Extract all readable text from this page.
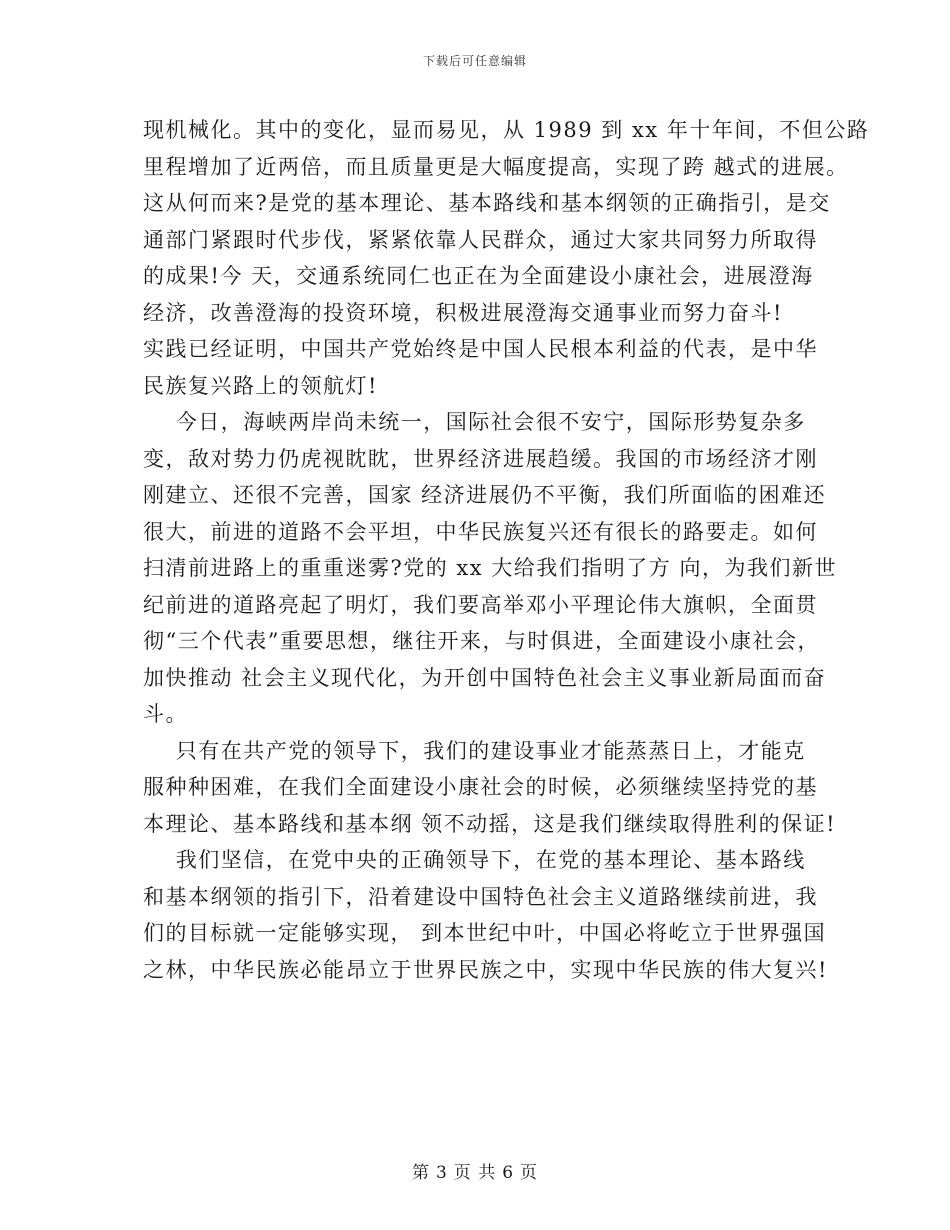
下载后可任意编辑
现机械化。其中的变化，显而易见，从 1989 到 xx 年十年间，不但公路
里程增加了近两倍，而且质量更是大幅度提高，实现了跨 越式的进展。
这从何而来?是党的基本理论、基本路线和基本纲领的正确指引，是交
通部门紧跟时代步伐，紧紧依靠人民群众，通过大家共同努力所取得
的成果!今 天，交通系统同仁也正在为全面建设小康社会，进展澄海
经济，改善澄海的投资环境，积极进展澄海交通事业而努力奋斗!
实践已经证明，中国共产党始终是中国人民根本利益的代表，是中华
民族复兴路上的领航灯!
今日，海峡两岸尚未统一，国际社会很不安宁，国际形势复杂多
变，敌对势力仍虎视眈眈，世界经济进展趋缓。我国的市场经济才刚
刚建立、还很不完善，国家 经济进展仍不平衡，我们所面临的困难还
很大，前进的道路不会平坦，中华民族复兴还有很长的路要走。如何
扫清前进路上的重重迷雾?党的 xx 大给我们指明了方 向，为我们新世
纪前进的道路亮起了明灯，我们要高举邓小平理论伟大旗帜，全面贯
彻“三个代表”重要思想，继往开来，与时俱进，全面建设小康社会，
加快推动 社会主义现代化，为开创中国特色社会主义事业新局面而奋
斗。
只有在共产党的领导下，我们的建设事业才能蒸蒸日上，才能克
服种种困难，在我们全面建设小康社会的时候，必须继续坚持党的基
本理论、基本路线和基本纲 领不动摇，这是我们继续取得胜利的保证!
我们坚信，在党中央的正确领导下，在党的基本理论、基本路线
和基本纲领的指引下，沿着建设中国特色社会主义道路继续前进，我
们的目标就一定能够实现， 到本世纪中叶，中国必将屹立于世界强国
之林，中华民族必能昂立于世界民族之中，实现中华民族的伟大复兴!
第 3 页 共 6 页
